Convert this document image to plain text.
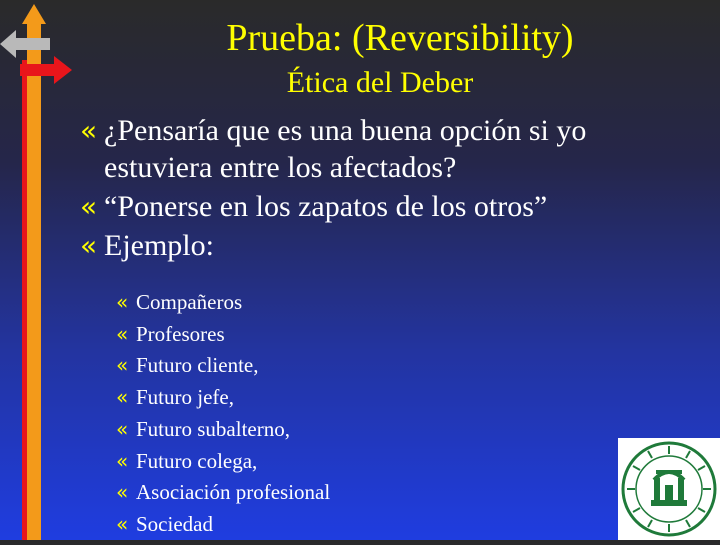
Prueba: (Reversibility)
Ética del Deber
« ¿Pensaría que es una buena opción si yo estuviera entre los afectados?
« “Ponerse en los zapatos de los otros”
« Ejemplo:
« Compañeros
« Profesores
« Futuro cliente,
« Futuro jefe,
« Futuro subalterno,
« Futuro colega,
« Asociación profesional
« Sociedad
